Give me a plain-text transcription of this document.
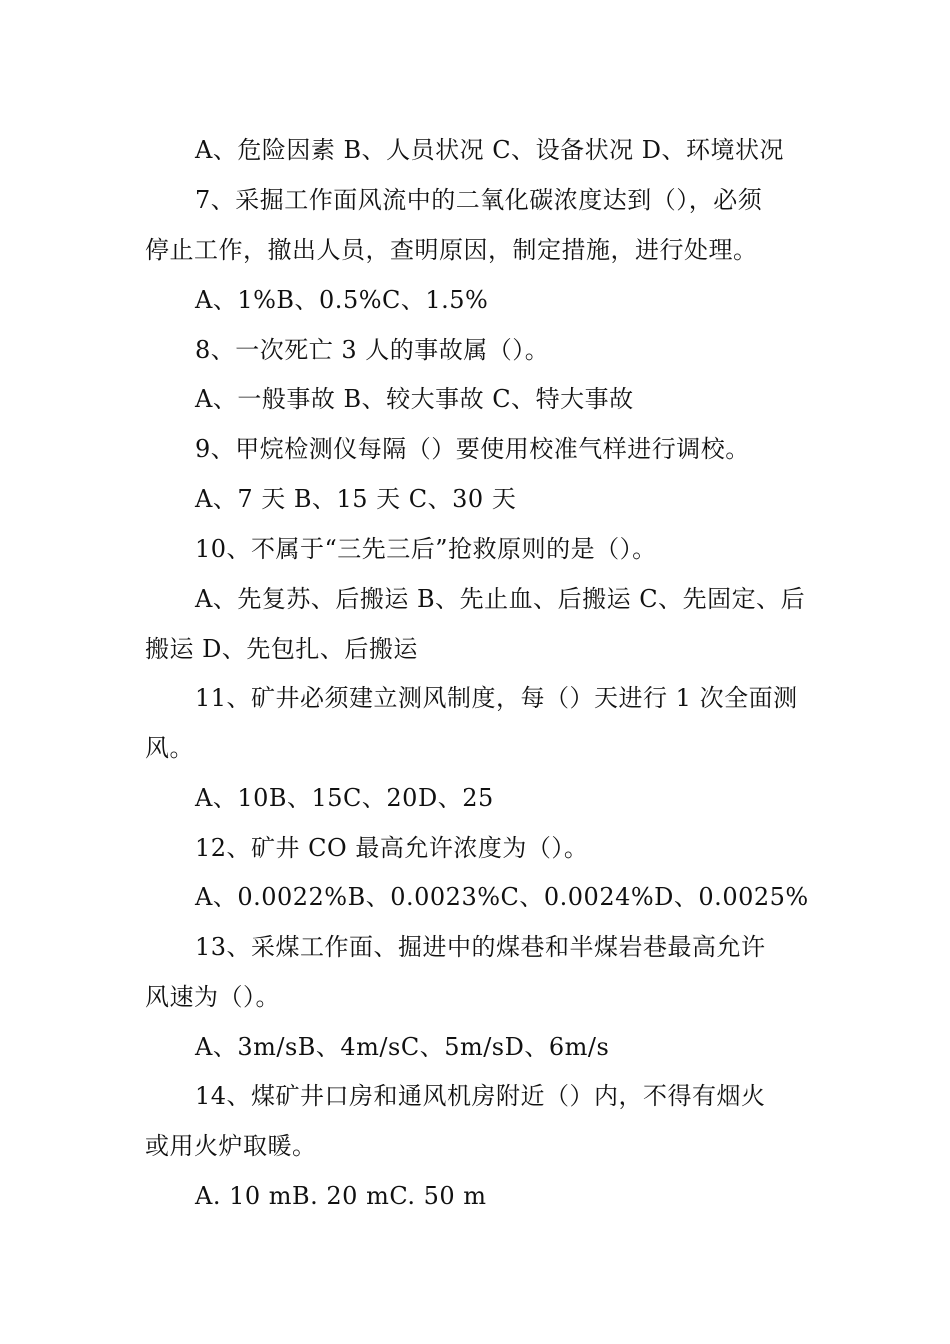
A、危险因素 B、人员状况 C、设备状况 D、环境状况
7、采掘工作面风流中的二氧化碳浓度达到（），必须
停止工作，撤出人员，查明原因，制定措施，进行处理。
A、1%B、0.5%C、1.5%
8、一次死亡 3 人的事故属（）。
A、一般事故 B、较大事故 C、特大事故
9、甲烷检测仪每隔（）要使用校准气样进行调校。
A、7 天 B、15 天 C、30 天
10、不属于“三先三后”抢救原则的是（）。
A、先复苏、后搬运 B、先止血、后搬运 C、先固定、后
搬运 D、先包扎、后搬运
11、矿井必须建立测风制度，每（）天进行 1 次全面测
风。
A、10B、15C、20D、25
12、矿井 CO 最高允许浓度为（）。
A、0.0022%B、0.0023%C、0.0024%D、0.0025%
13、采煤工作面、掘进中的煤巷和半煤岩巷最高允许
风速为（）。
A、3m/sB、4m/sC、5m/sD、6m/s
14、煤矿井口房和通风机房附近（）内，不得有烟火
或用火炉取暖。
A. 10 mB. 20 mC. 50 m
